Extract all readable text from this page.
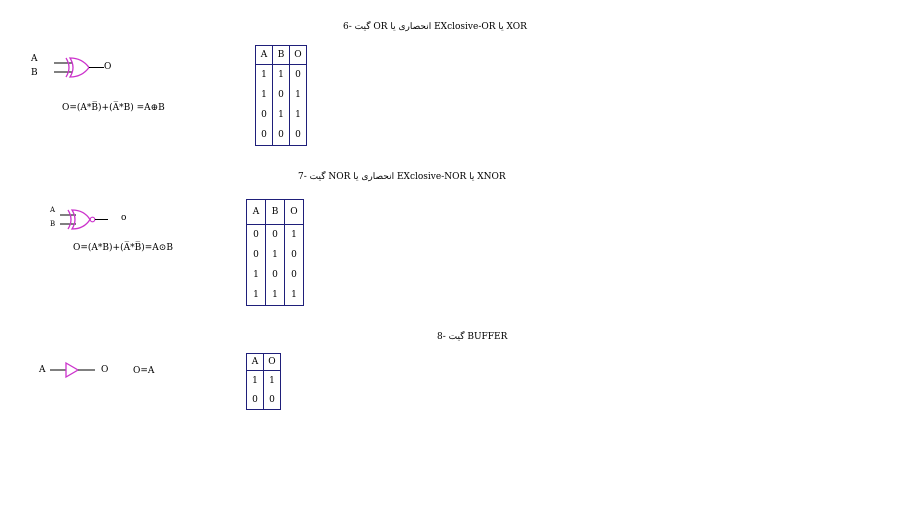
6- گیت OR انحصاری یا EXclosive-OR یا XOR
A
B
O
O=(A*B̅)+(A̅*B) =A⊕B
A	B	O
1	1	0
1	0	1
0	1	1
0	0	0
7- گیت NOR انحصاری یا EXclosive-NOR یا XNOR
A
B
o
O=(A*B)+(A̅*B̅)=A⊙B
A	B	O
0	0	1
0	1	0
1	0	0
1	1	1
8- گیت BUFFER
A	O	O=A
A	O
1	1
0	0
